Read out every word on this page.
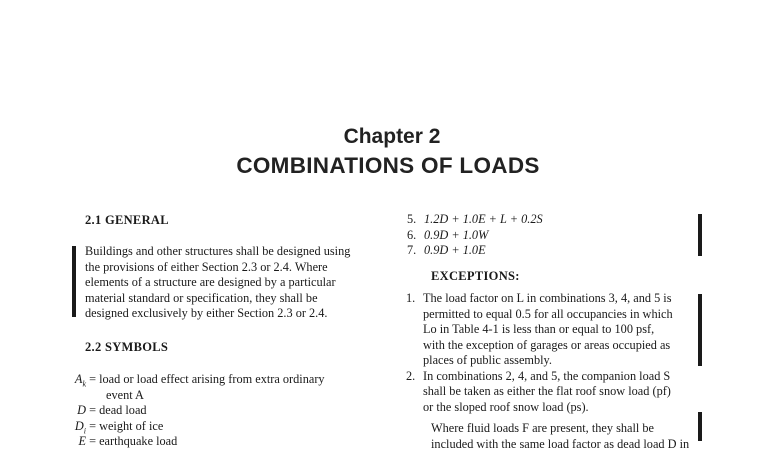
Chapter 2
COMBINATIONS OF LOADS
2.1 GENERAL
Buildings and other structures shall be designed using
the provisions of either Section 2.3 or 2.4. Where
elements of a structure are designed by a particular
material standard or specification, they shall be
designed exclusively by either Section 2.3 or 2.4.
2.2 SYMBOLS
$A_k$ = load or load effect arising from extra ordinary
event A
D = dead load
$D_i$ = weight of ice
E = earthquake load
5. 1.2D + 1.0E + L + 0.2S
6. 0.9D + 1.0W
7. 0.9D + 1.0E
EXCEPTIONS:
1. The load factor on L in combinations 3, 4, and 5 is
permitted to equal 0.5 for all occupancies in which
Lo in Table 4-1 is less than or equal to 100 psf,
with the exception of garages or areas occupied as
places of public assembly.
2. In combinations 2, 4, and 5, the companion load S
shall be taken as either the flat roof snow load (pf)
or the sloped roof snow load (ps).
Where fluid loads F are present, they shall be
included with the same load factor as dead load D in
